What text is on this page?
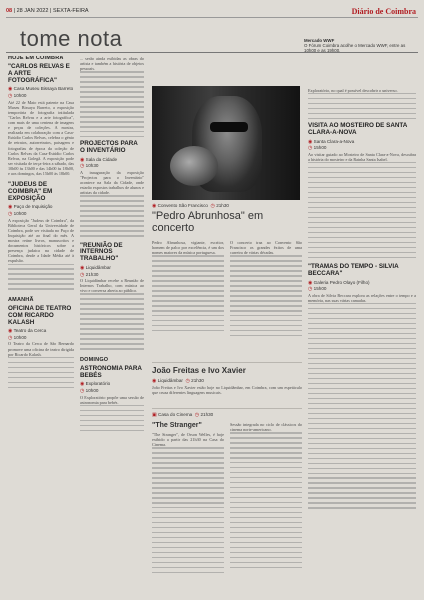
08 | 28 JAN 2022 | SEXTA-FEIRA	Diário de Coimbra
tome nota
HOJE EM COIMBRA
"CARLOS RELVAS E A ARTE FOTOGRÁFICA"
◉ Casa Museu Bissaya Barreto
◷ 10h00
Até 22 de Maio está patente na Casa Museu Bissaya Barreto, a exposição temporária de fotografia intitulada "Carlos Relvas e a arte fotográfica", com mais de uma centena de imagens e peças de coleções. A mostra, realizada em colaboração com a Casa-Estúdio Carlos Relvas, celebra o génio de retratos, autorretratos, paisagens e fotografias de época da coleção de Carlos Relvas da Casa-Estúdio Carlos Relvas, na Golegã. A exposição pode ser visitada de terça-feira a sábado, das 10h00 às 13h00 e das 14h00 às 18h00, e aos domingos, das 15h00 às 18h00.
"JUDEUS DE COIMBRA" EM EXPOSIÇÃO
◉ Paço de Inquisição
◷ 10h00
A exposição "Judeus de Coimbra", da Biblioteca Geral da Universidade de Coimbra, pode ser visitada no Paço de Inquisição até ao final do mês. A mostra reúne livros, manuscritos e documentos históricos sobre a presença judaica na cidade de Coimbra, desde a Idade Média até à expulsão.
AMANHÃ
OFICINA DE TEATRO COM RICARDO KALASH
◉ Teatro da Cerca
◷ 10h00
O Teatro da Cerca de São Bernardo promove uma oficina de teatro dirigida por Ricardo Kalash.
... serão ainda exibidas as obras do artista e também a história de objetos pessoais.
PROJECTOS PARA O INVENTÁRIO
◉ Sala da Cidade
◷ 10h30
A inauguração da exposição "Projectos para o Inventário" acontece na Sala da Cidade, onde estarão expostos trabalhos de alunos e artistas da cidade.
"REUNIÃO DE INTERNOS TRABALHO"
◉ Liquidâmbar
◷ 21h30
O Liquidâmbar recebe a Reunião de Internos Trabalho, com música ao vivo e conversa aberta ao público.
DOMINGO
ASTRONOMIA PARA BEBÉS
◉ Exploratório
◷ 10h00
O Exploratório propõe uma sessão de astronomia para bebés.
Mercado WWF
O Fórum Coimbra acolhe o Mercado WWF, entre as 10h00 e as 19h00.
◉ Convento São Francisco ◷ 21h30
"Pedro Abrunhosa" em concerto
Pedro Abrunhosa, vigiante, escritor, homem de palco por excelência, é um dos nomes maiores da música portuguesa.
O concerto traz ao Convento São Francisco os grandes êxitos de uma carreira de várias décadas.
João Freitas e Ivo Xavier
◉ Liquidâmbar ◷ 21h30
João Freitas e Ivo Xavier estão hoje no Liquidâmbar, em Coimbra, com um espetáculo que cruza diferentes linguagens musicais.
▣ Casa do Cinema ◷ 21h30
"The Stranger"
"The Stranger", de Orson Welles, é hoje exibido a partir das 21h30 na Casa do Cinema.
Sessão integrada no ciclo de clássicos do cinema norte-americano.
Exploratório, no qual é possível descobrir o universo.
VISITA AO MOSTEIRO DE SANTA CLARA-A-NOVA
◉ Santa Clara-a-Nova
◷ 15h00
Ao visitar guiado ao Mosteiro de Santa Clara-a-Nova, descubra a história do mosteiro e da Rainha Santa Isabel.
"TRAMAS DO TEMPO - SILVIA BECCARA"
◉ Galeria Pedro Olayo (Filho)
◷ 15h00
A obra de Silvia Beccara explora as relações entre o tempo e a memória, nas suas várias camadas.
